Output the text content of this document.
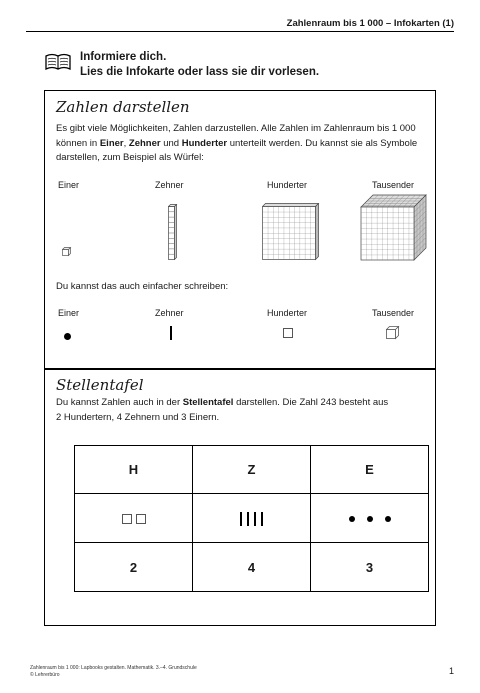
Zahlenraum bis 1 000 – Infokarten (1)
Informiere dich.
Lies die Infokarte oder lass sie dir vorlesen.
Zahlen darstellen
Es gibt viele Möglichkeiten, Zahlen darzustellen. Alle Zahlen im Zahlenraum bis 1 000
können in Einer, Zehner und Hunderter unterteilt werden. Du kannst sie als Symbole
darstellen, zum Beispiel als Würfel:
Einer	Zehner	Hunderter	Tausender
Du kannst das auch einfacher schreiben:
Einer	Zehner	Hunderter	Tausender
Stellentafel
Du kannst Zahlen auch in der Stellentafel darstellen. Die Zahl 243 besteht aus
2 Hundertern, 4 Zehnern und 3 Einern.
H	Z	E

2	4	3
Zahlenraum bis 1 000: Lapbooks gestalten. Mathematik. 3.–4. Grundschule
© Lehrerbüro	1
